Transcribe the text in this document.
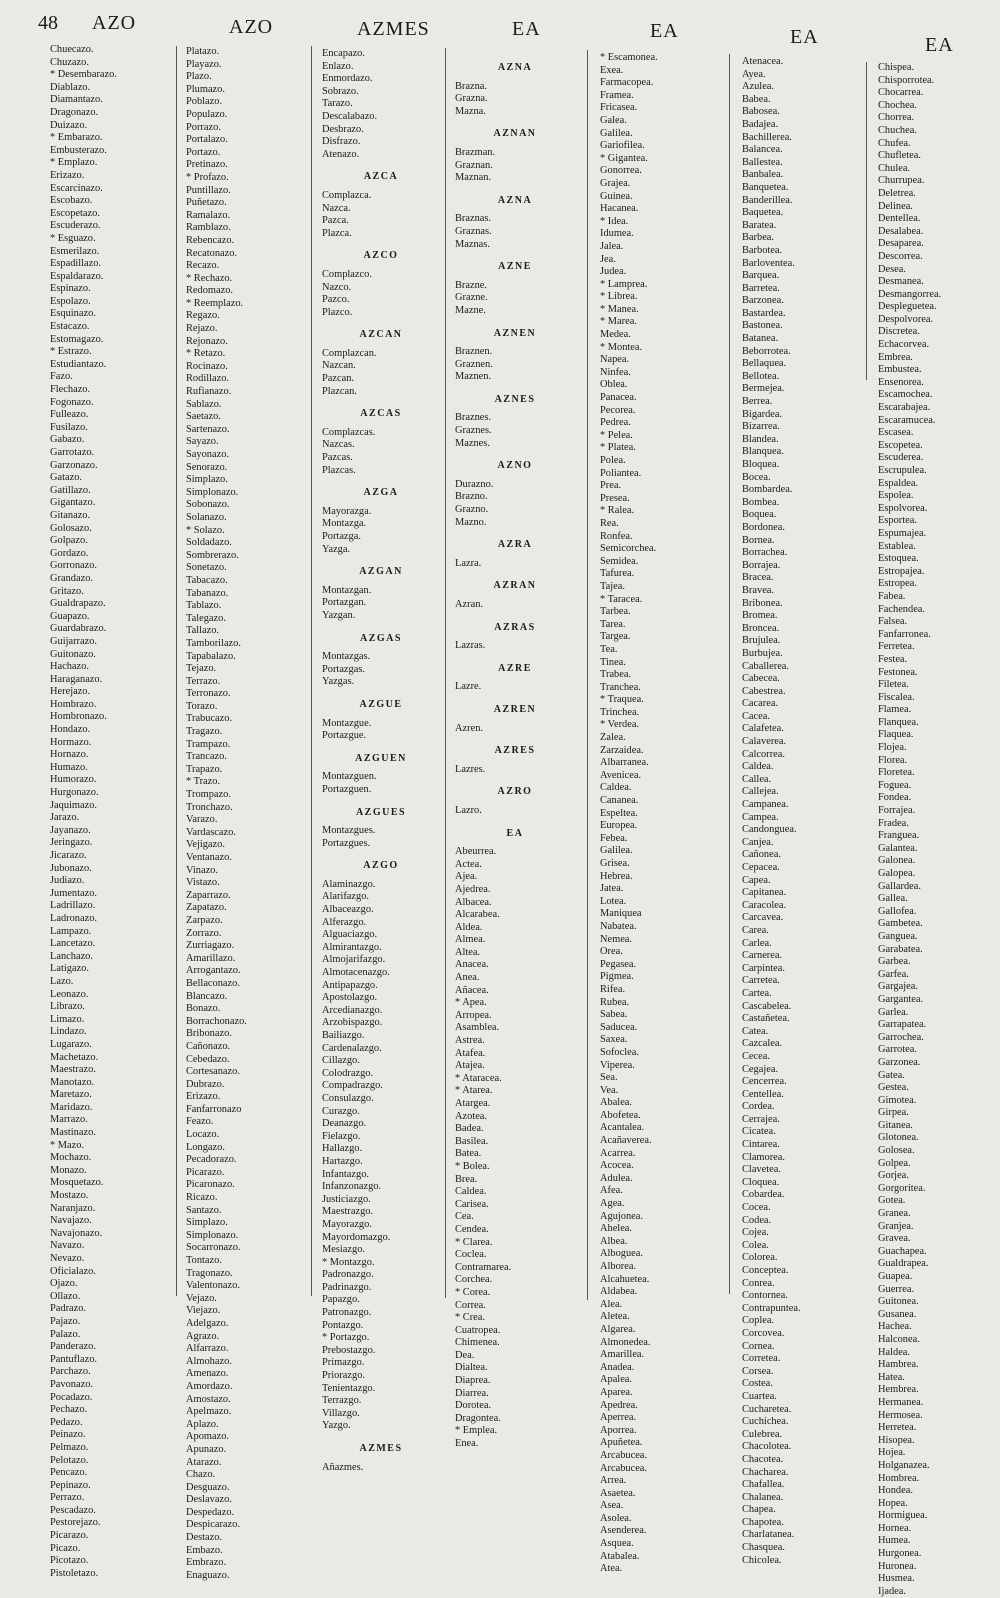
48 AZO	AZO	AZMES	EA	EA	EA	EA
Chuecazo.
Chuzazo.
* Desembarazo.
Diablazo.
Diamantazo.
Dragonazo.
Duizazo.
* Embarazo.
Embusterazo.
* Emplazo.
Erizazo.
Escarcinazo.
Escobazo.
Escopetazo.
Escuderazo.
* Esguazo.
Esmerilazo.
Espadillazo.
Espaldarazo.
Espinazo.
Espolazo.
Esquinazo.
Estacazo.
Estomagazo.
* Estrazo.
Estudiantazo.
Fazo.
Flechazo.
Fogonazo.
Fulleazo.
Fusilazo.
Gabazo.
Garrotazo.
Garzonazo.
Gatazo.
Gatillazo.
Gigantazo.
Gitanazo.
Golosazo.
Golpazo.
Gordazo.
Gorronazo.
Grandazo.
Gritazo.
Gualdrapazo.
Guapazo.
Guardabrazo.
Guijarrazo.
Guitonazo.
Hachazo.
Haraganazo.
Herejazo.
Hombrazo.
Hombronazo.
Hondazo.
Hormazo.
Hornazo.
Humazo.
Humorazo.
Hurgonazo.
Jaquimazo.
Jarazo.
Jayanazo.
Jeringazo.
Jicarazo.
Jubonazo.
Judiazo.
Jumentazo.
Ladrillazo.
Ladronazo.
Lampazo.
Lancetazo.
Lanchazo.
Latigazo.
Lazo.
Leonazo.
Librazo.
Limazo.
Lindazo.
Lugarazo.
Machetazo.
Maestrazo.
Manotazo.
Maretazo.
Maridazo.
Marrazo.
Mastinazo.
* Mazo.
Mochazo.
Monazo.
Mosquetazo.
Mostazo.
Naranjazo.
Navajazo.
Navajonazo.
Navazo.
Nevazo.
Oficialazo.
Ojazo.
Ollazo.
Padrazo.
Pajazo.
Palazo.
Panderazo.
Pantuflazo.
Parchazo.
Pavonazo.
Pocadazo.
Pechazo.
Pedazo.
Peinazo.
Pelmazo.
Pelotazo.
Pencazo.
Pepinazo.
Perrazo.
Pescadazo.
Pestorejazo.
Picarazo.
Picazo.
Picotazo.
Pistoletazo.
Platazo.
Playazo.
Plazo.
Plumazo.
Poblazo.
Populazo.
Porrazo.
Portalazo.
Portazo.
Pretinazo.
* Profazo.
Puntillazo.
Puñetazo.
Ramalazo.
Ramblazo.
Rebencazo.
Recatonazo.
Recazo.
* Rechazo.
Redomazo.
* Reemplazo.
Regazo.
Rejazo.
Rejonazo.
* Retazo.
Rocinazo.
Rodillazo.
Rufianazo.
Sablazo.
Saetazo.
Sartenazo.
Sayazo.
Sayonazo.
Senorazo.
Simplazo.
Simplonazo.
Sobonazo.
Solanazo.
* Solazo.
Soldadazo.
Sombrerazo.
Sonetazo.
Tabacazo.
Tabanazo.
Tablazo.
Talegazo.
Tallazo.
Tamborilazo.
Tapabalazo.
Tejazo.
Terrazo.
Terronazo.
Torazo.
Trabucazo.
Tragazo.
Trampazo.
Trancazo.
Trapazo.
* Trazo.
Trompazo.
Tronchazo.
Varazo.
Vardascazo.
Vejigazo.
Ventanazo.
Vinazo.
Vistazo.
Zaparrazo.
Zapatazo.
Zarpazo.
Zorrazo.
Zurriagazo.
Amarillazo.
Arrogantazo.
Bellaconazo.
Blancazo.
Bonazo.
Borrachonazo.
Bribonazo.
Cañonazo.
Cebedazo.
Cortesanazo.
Dubrazo.
Erizazo.
Fanfarronazo
Feazo.
Locazo.
Longazo.
Pecadorazo.
Picarazo.
Picaronazo.
Ricazo.
Santazo.
Simplazo.
Simplonazo.
Socarronazo.
Tontazo.
Tragonazo.
Valentonazo.
Vejazo.
Viejazo.
Adelgazo.
Agrazo.
Alfarrazo.
Almohazo.
Amenazo.
Amordazo.
Amostazo.
Apelmazo.
Aplazo.
Apomazo.
Apunazo.
Atarazo.
Chazo.
Desguazo.
Deslavazo.
Despedazo.
Despicarazo.
Destazo.
Embazo.
Embrazo.
Enaguazo.
Encapazo.
Enlazo.
Enmordazo.
Sobrazo.
Tarazo.
Descalabazo.
Desbrazo.
Disfrazo.
Atenazo.
AZCA
Complazca.
Nazca.
Pazca.
Plazca.
AZCO
Complazco.
Nazco.
Pazco.
Plazco.
AZCAN
Complazcan.
Nazcan.
Pazcan.
Plazcan.
AZCAS
Complazcas.
Nazcas.
Pazcas.
Plazcas.
AZGA
Mayorazga.
Montazga.
Portazga.
Yazga.
AZGAN
Montazgan.
Portazgan.
Yazgan.
AZGAS
Montazgas.
Portazgas.
Yazgas.
AZGUE
Montazgue.
Portazgue.
AZGUEN
Montazguen.
Portazguen.
AZGUES
Montazgues.
Portazgues.
AZGO
Alaminazgo.
Alarifazgo.
Albaceazgo.
Alferazgo.
Alguaciazgo.
Almirantazgo.
Almojarifazgo.
Almotacenazgo.
Antipapazgo.
Apostolazgo.
Arcedianazgo.
Arzobispazgo.
Bailiazgo.
Cardenalazgo.
Cillazgo.
Colodrazgo.
Compadrazgo.
Consulazgo.
Curazgo.
Deanazgo.
Fielazgo.
Hallazgo.
Hartazgo.
Infantazgo.
Infanzonazgo.
Justiciazgo.
Maestrazgo.
Mayorazgo.
Mayordomazgo.
Mesiazgo.
* Montazgo.
Padronazgo.
Padrinazgo.
Papazgo.
Patronazgo.
Pontazgo.
* Portazgo.
Prebostazgo.
Primazgo.
Priorazgo.
Tenientazgo.
Terrazgo.
Villazgo.
Yazgo.
AZMES
Añazmes.
AZNA
Brazna.
Grazna.
Mazna.
AZNAN
Brazman.
Graznan.
Maznan.
AZNA
Braznas.
Graznas.
Maznas.
AZNE
Brazne.
Grazne.
Mazne.
AZNEN
Braznen.
Graznen.
Maznen.
AZNES
Braznes.
Graznes.
Maznes.
AZNO
Durazno.
Brazno.
Grazno.
Mazno.
AZRA
Lazra.
AZRAN
Azran.
AZRAS
Lazras.
AZRE
Lazre.
AZREN
Azren.
AZRES
Lazres.
AZRO
Lazro.
EA
Abeurrea.
Actea.
Ajea.
Ajedrea.
Albacea.
Alcarabea.
Aldea.
Almea.
Altea.
Anacea.
Anea.
Añacea.
* Apea.
Arropea.
Asamblea.
Astrea.
Atafea.
Atajea.
* Ataracea.
* Atarea.
Atargea.
Azotea.
Badea.
Basilea.
Batea.
* Bolea.
Brea.
Caldea.
Carisea.
Cea.
Cendea.
* Clarea.
Coclea.
Contramarea.
Corchea.
* Corea.
Correa.
* Crea.
Cuatropea.
Chimenea.
Dea.
Dialtea.
Diaprea.
Diarrea.
Dorotea.
Dragontea.
* Emplea.
Enea.
* Escamonea.
Exea.
Farmacopea.
Framea.
Fricasea.
Galea.
Galilea.
Gariofilea.
* Gigantea.
Gonorrea.
Grajea.
Guinea.
Hacanea.
* Idea.
Idumea.
Jalea.
Jea.
Judea.
* Lamprea.
* Librea.
* Manea.
* Marea.
Medea.
* Montea.
Napea.
Ninfea.
Oblea.
Panacea.
Pecorea.
Pedrea.
* Pelea.
* Platea.
Polea.
Poliantea.
Prea.
Presea.
* Ralea.
Rea.
Ronfea.
Semicorchea.
Semidea.
Tafurea.
Tajea.
* Taracea.
Tarbea.
Tarea.
Targea.
Tea.
Tinea.
Trabea.
Tranchea.
* Traquea.
Trinchea.
* Verdea.
Zalea.
Zarzaidea.
Albarranea.
Avenicea.
Caldea.
Cananea.
Espeltea.
Europea.
Febea.
Galilea.
Grisea.
Hebrea.
Jatea.
Lotea.
Maniquea
Nabatea.
Nemea.
Orea.
Pegasea.
Pigmea.
Rifea.
Rubea.
Sabea.
Saducea.
Saxea.
Sofoclea.
Viperea.
Sea.
Vea.
Abalea.
Abofetea.
Acantalea.
Acañaverea.
Acarrea.
Acocea.
Adulea.
Afea.
Agea.
Agujonea.
Ahelea.
Albea.
Alboguea.
Alborea.
Alcahuetea.
Aldabea.
Alea.
Aletea.
Algarea.
Almonedea.
Amarillea.
Anadea.
Apalea.
Aparea.
Apedrea.
Aperrea.
Aporrea.
Apuñetea.
Arcabucea.
Arcabucea.
Arrea.
Asaetea.
Asea.
Asolea.
Asenderea.
Asquea.
Atabalea.
Atea.
Atenacea.
Ayea.
Azulea.
Babea.
Babosea.
Badajea.
Bachillerea.
Balancea.
Ballestea.
Banbalea.
Banquetea.
Banderillea.
Baquetea.
Baratea.
Barbea.
Barbotea.
Barloventea.
Barquea.
Barretea.
Barzonea.
Bastardea.
Bastonea.
Batanea.
Beborrotea.
Bellaquea.
Bellotea.
Bermejea.
Berrea.
Bigardea.
Bizarrea.
Blandea.
Blanquea.
Bloquea.
Bocea.
Bombardea.
Bombea.
Boquea.
Bordonea.
Bornea.
Borrachea.
Borrajea.
Bracea.
Bravea.
Bribonea.
Bromea.
Broncea.
Brujulea.
Burbujea.
Caballerea.
Cabecea.
Cabestrea.
Cacarea.
Cacea.
Calafetea.
Calaverea.
Calcorrea.
Caldea.
Callea.
Callejea.
Campanea.
Campea.
Candonguea.
Canjea.
Cañonea.
Cepacea.
Capea.
Capitanea.
Caracolea.
Carcavea.
Carea.
Carlea.
Carnerea.
Carpintea.
Carretea.
Cartea.
Cascabelea.
Castañetea.
Catea.
Cazcalea.
Cecea.
Cegajea.
Cencerrea.
Centellea.
Cordea.
Cerrajea.
Cicatea.
Cintarea.
Clamorea.
Clavetea.
Cloquea.
Cobardea.
Cocea.
Codea.
Cojea.
Colea.
Colorea.
Conceptea.
Conrea.
Contornea.
Contrapuntea.
Coplea.
Corcovea.
Cornea.
Corretea.
Corsea.
Costea.
Cuartea.
Cucharetea.
Cuchichea.
Culebrea.
Chacolotea.
Chacotea.
Chacharea.
Chafallea.
Chalanea.
Chapea.
Chapotea.
Charlatanea.
Chasquea.
Chicolea.
Chispea.
Chisporrotea.
Chocarrea.
Chochea.
Chorrea.
Chuchea.
Chufea.
Chufletea.
Chulea.
Churrupea.
Deletrea.
Delinea.
Dentellea.
Desalabea.
Desaparea.
Descorrea.
Desea.
Desmanea.
Desmangorrea.
Despleguetea.
Despolvorea.
Discretea.
Echacorvea.
Embrea.
Embustea.
Ensenorea.
Escamochea.
Escarabajea.
Escaramucea.
Escasea.
Escopetea.
Escuderea.
Escrupulea.
Espaldea.
Espolea.
Espolvorea.
Esportea.
Espumajea.
Establea.
Estoquea.
Estropajea.
Estropea.
Fabea.
Fachendea.
Falsea.
Fanfarronea.
Ferretea.
Festea.
Festonea.
Filetea.
Fiscalea.
Flamea.
Flanquea.
Flaquea.
Flojea.
Florea.
Floretea.
Foguea.
Fondea.
Forrajea.
Fradea.
Franguea.
Galantea.
Galonea.
Galopea.
Gallardea.
Gallea.
Gallofea.
Gambetea.
Ganguea.
Garabatea.
Garbea.
Garfea.
Gargajea.
Gargantea.
Garlea.
Garrapatea.
Garrochea.
Garrotea.
Garzonea.
Gatea.
Gestea.
Gimotea.
Girpea.
Gitanea.
Glotonea.
Golosea.
Golpea.
Gorjea.
Gorgoritea.
Gotea.
Granea.
Granjea.
Gravea.
Guachapea.
Gualdrapea.
Guapea.
Guerrea.
Guitonea.
Gusanea.
Hachea.
Halconea.
Haldea.
Hambrea.
Hatea.
Hembrea.
Hermanea.
Hermosea.
Herretea.
Hisopea.
Hojea.
Holganazea.
Hombrea.
Hondea.
Hopea.
Hormiguea.
Hornea.
Humea.
Hurgonea.
Huronea.
Husmea.
Ijadea.
